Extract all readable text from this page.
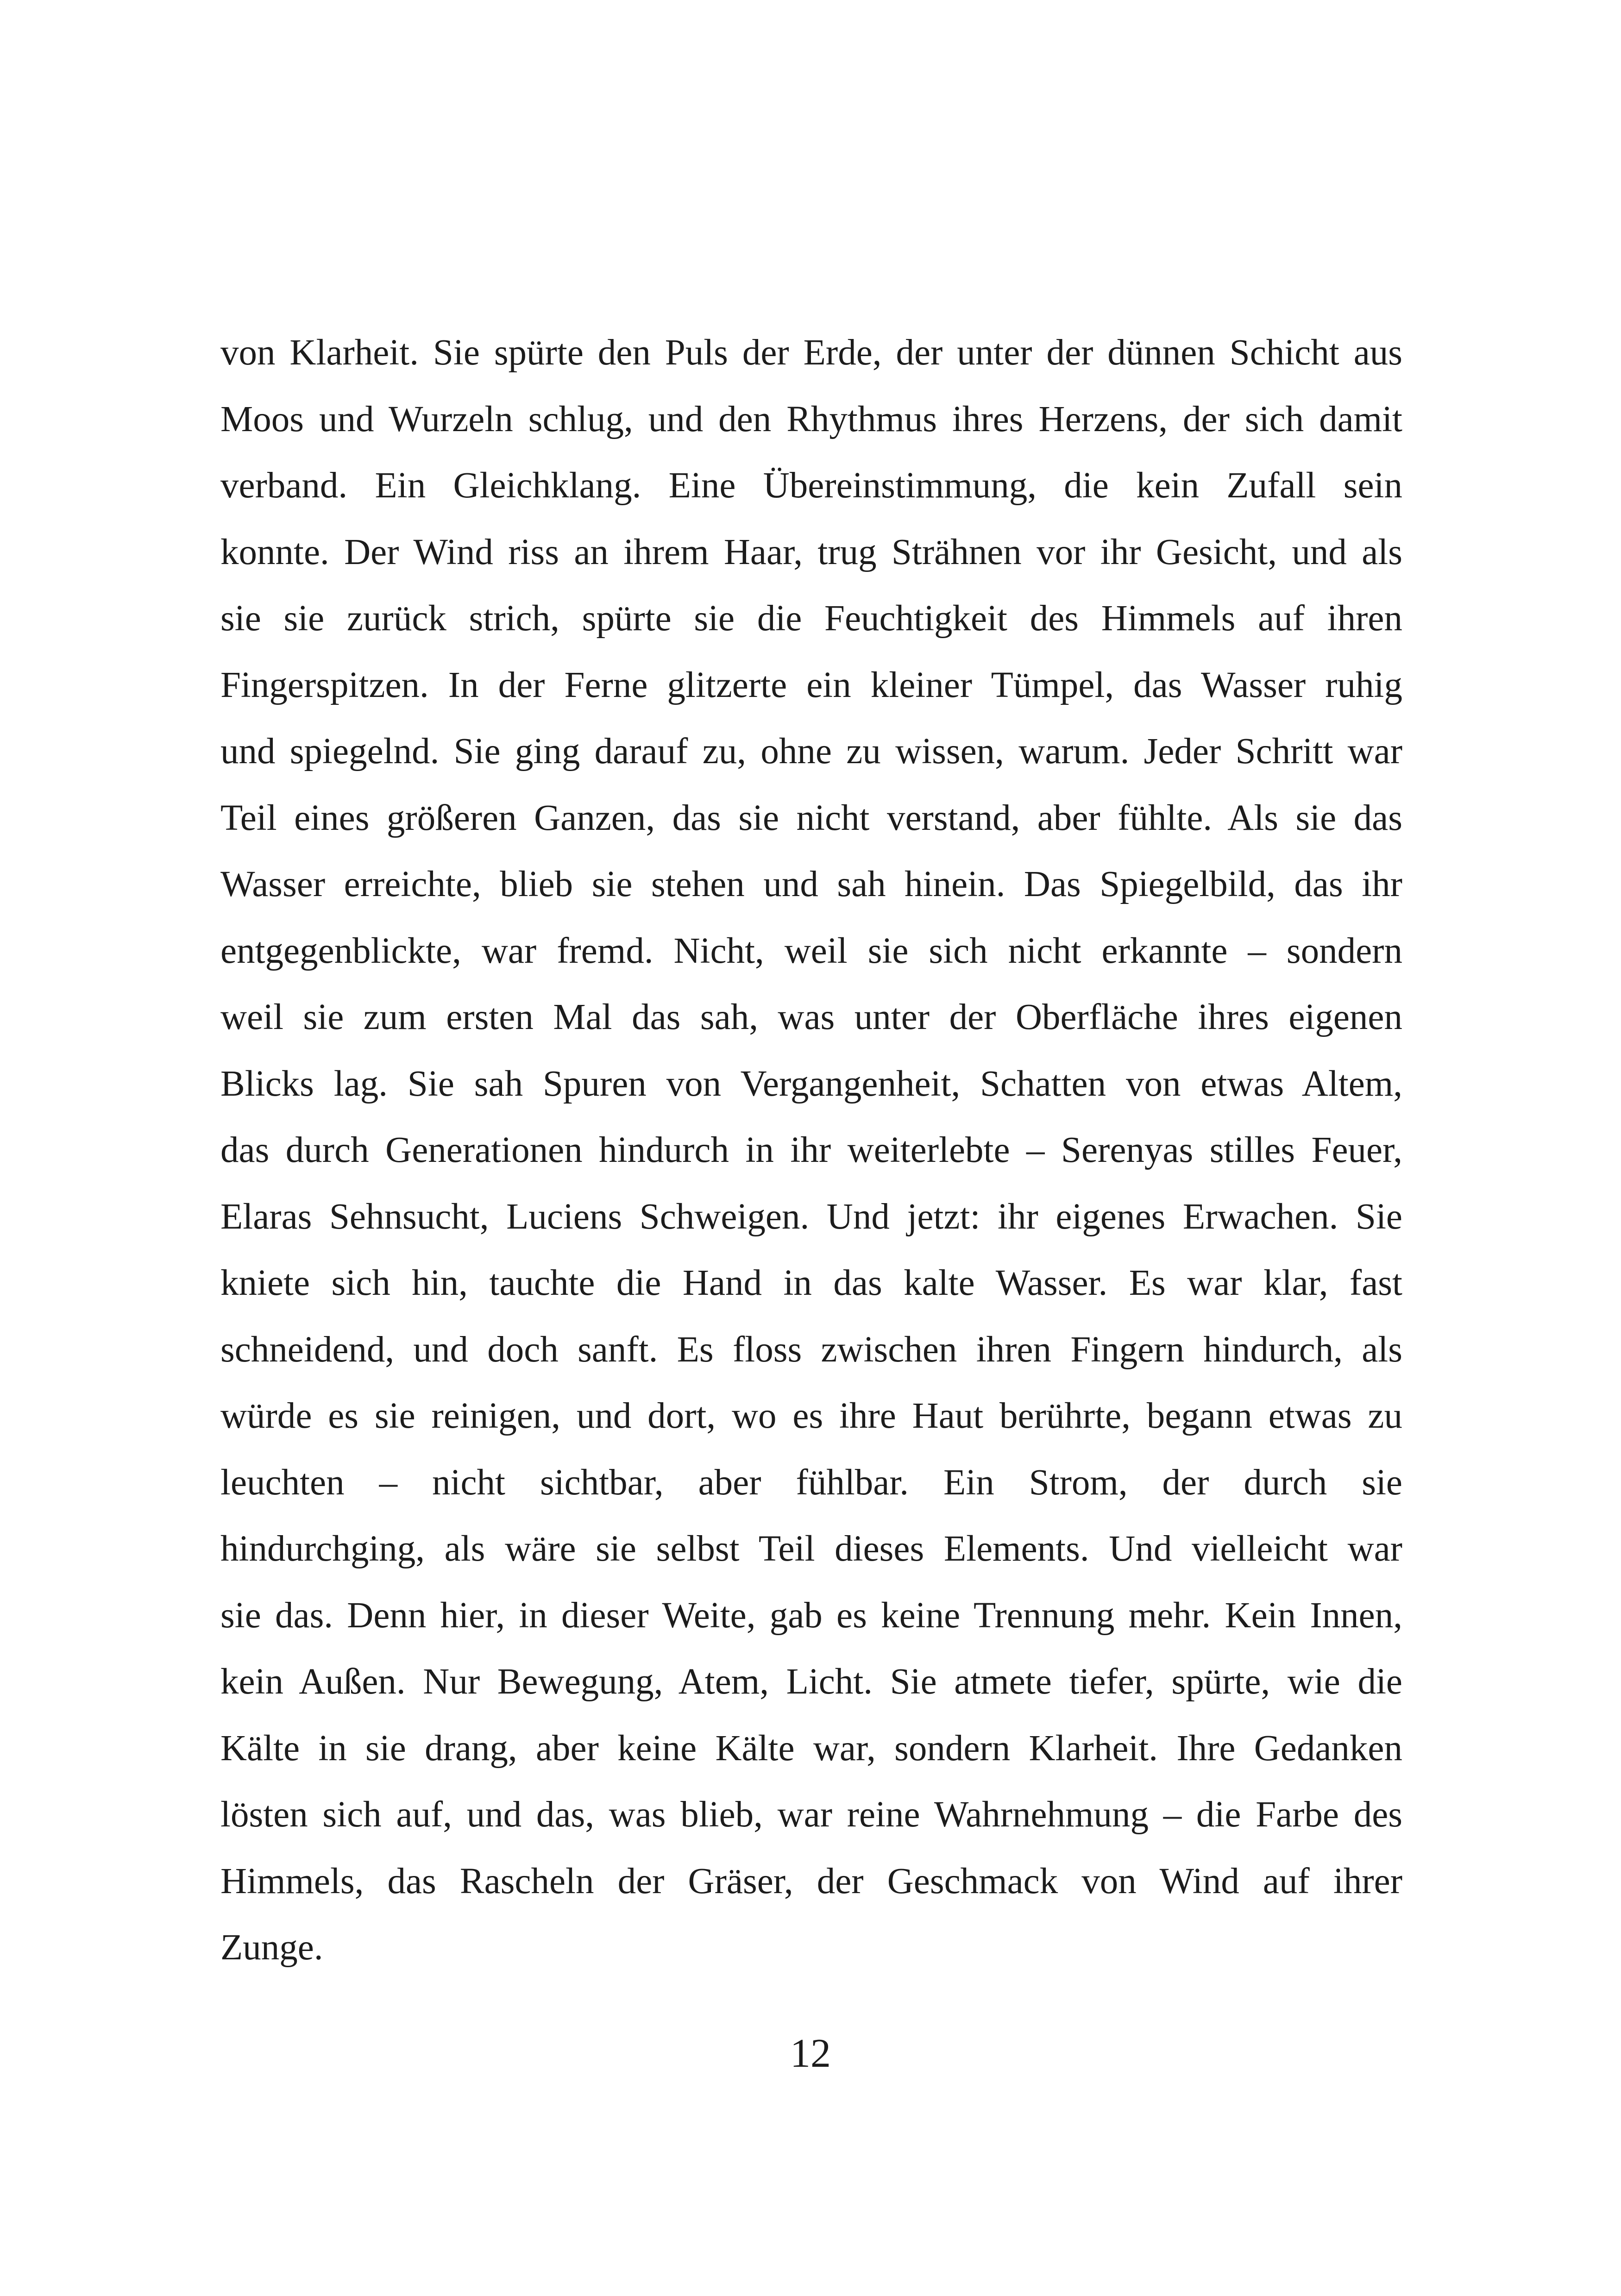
von Klarheit. Sie spürte den Puls der Erde, der unter der dünnen Schicht aus
Moos und Wurzeln schlug, und den Rhythmus ihres Herzens, der sich damit
verband. Ein Gleichklang. Eine Übereinstimmung, die kein Zufall sein
konnte. Der Wind riss an ihrem Haar, trug Strähnen vor ihr Gesicht, und als
sie sie zurück strich, spürte sie die Feuchtigkeit des Himmels auf ihren
Fingerspitzen. In der Ferne glitzerte ein kleiner Tümpel, das Wasser ruhig
und spiegelnd. Sie ging darauf zu, ohne zu wissen, warum. Jeder Schritt war
Teil eines größeren Ganzen, das sie nicht verstand, aber fühlte. Als sie das
Wasser erreichte, blieb sie stehen und sah hinein. Das Spiegelbild, das ihr
entgegenblickte, war fremd. Nicht, weil sie sich nicht erkannte – sondern
weil sie zum ersten Mal das sah, was unter der Oberfläche ihres eigenen
Blicks lag. Sie sah Spuren von Vergangenheit, Schatten von etwas Altem,
das durch Generationen hindurch in ihr weiterlebte – Serenyas stilles Feuer,
Elaras Sehnsucht, Luciens Schweigen. Und jetzt: ihr eigenes Erwachen. Sie
kniete sich hin, tauchte die Hand in das kalte Wasser. Es war klar, fast
schneidend, und doch sanft. Es floss zwischen ihren Fingern hindurch, als
würde es sie reinigen, und dort, wo es ihre Haut berührte, begann etwas zu
leuchten – nicht sichtbar, aber fühlbar. Ein Strom, der durch sie
hindurchging, als wäre sie selbst Teil dieses Elements. Und vielleicht war
sie das. Denn hier, in dieser Weite, gab es keine Trennung mehr. Kein Innen,
kein Außen. Nur Bewegung, Atem, Licht. Sie atmete tiefer, spürte, wie die
Kälte in sie drang, aber keine Kälte war, sondern Klarheit. Ihre Gedanken
lösten sich auf, und das, was blieb, war reine Wahrnehmung – die Farbe des
Himmels, das Rascheln der Gräser, der Geschmack von Wind auf ihrer
Zunge.
12
